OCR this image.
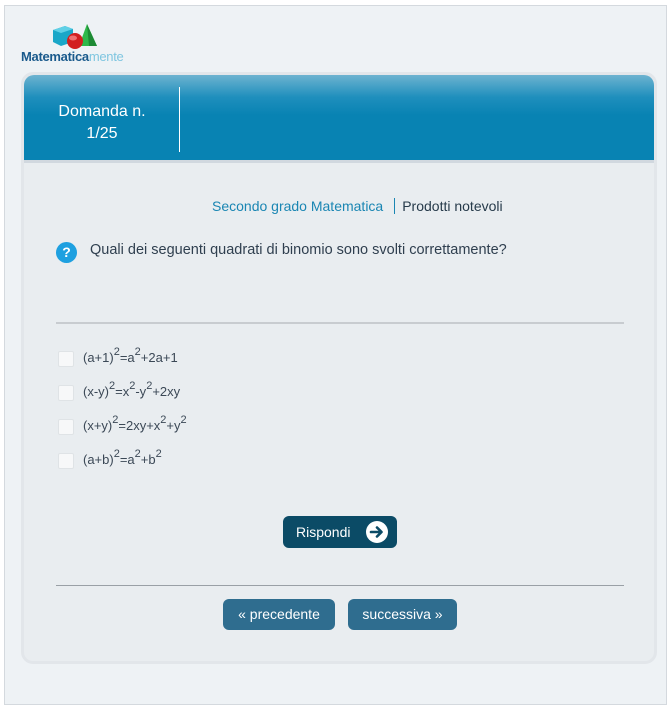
Matematicamente
Domanda n.
1/25
Secondo grado Matematica Prodotti notevoli
?	Quali dei seguenti quadrati di binomio sono svolti correttamente?
$(a+1)^2=a^2+2a+1$
$(x-y)^2=x^2-y^2+2xy$
$(x+y)^2=2xy+x^2+y^2$
$(a+b)^2=a^2+b^2$
Rispondi
« precedente	successiva »
